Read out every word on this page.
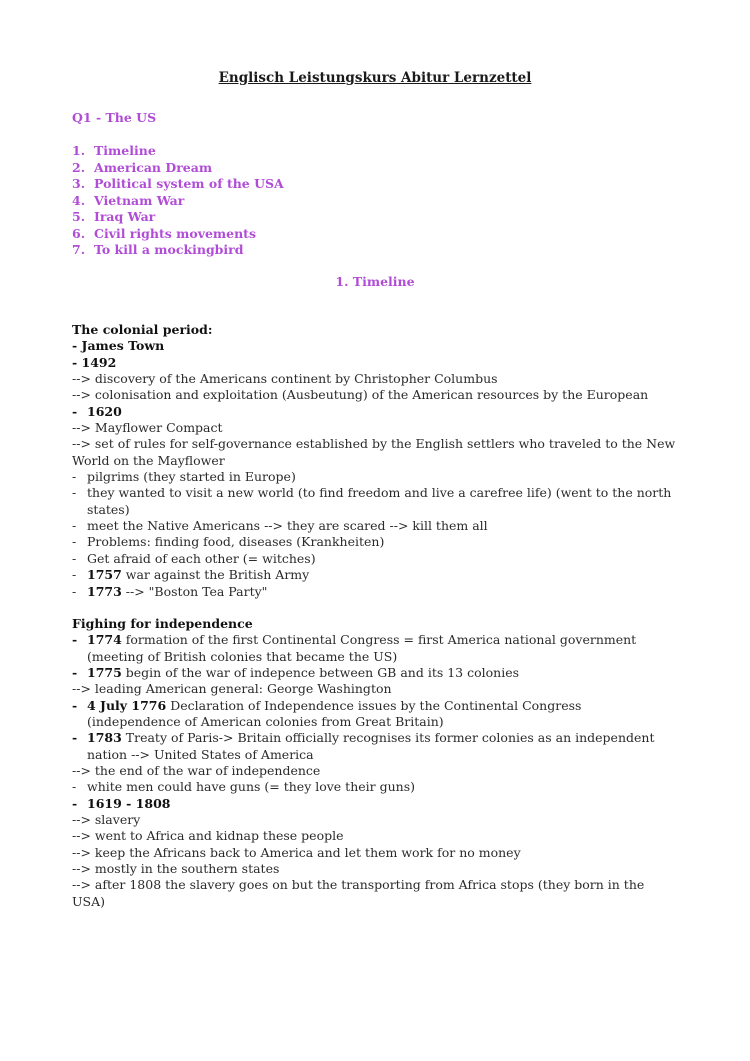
Englisch Leistungskurs Abitur Lernzettel
Q1 - The US
1. Timeline
2. American Dream
3. Political system of the USA
4. Vietnam War
5. Iraq War
6. Civil rights movements
7. To kill a mockingbird
1. Timeline
The colonial period:
- James Town
- 1492
--> discovery of the Americans continent by Christopher Columbus
--> colonisation and exploitation (Ausbeutung) of the American resources by the European
- 1620
--> Mayflower Compact
--> set of rules for self-governance established by the English settlers who traveled to the New World on the Mayflower
- pilgrims (they started in Europe)
- they wanted to visit a new world (to find freedom and live a carefree life) (went to the north states)
- meet the Native Americans --> they are scared --> kill them all
- Problems: finding food, diseases (Krankheiten)
- Get afraid of each other (= witches)
- 1757 war against the British Army
- 1773 --> "Boston Tea Party"
Fighing for independence
- 1774 formation of the first Continental Congress = first America national government (meeting of British colonies that became the US)
- 1775 begin of the war of indepence between GB and its 13 colonies
--> leading American general: George Washington
- 4 July 1776 Declaration of Independence issues by the Continental Congress (independence of American colonies from Great Britain)
- 1783 Treaty of Paris-> Britain officially recognises its former colonies as an independent nation --> United States of America
--> the end of the war of independence
- white men could have guns (= they love their guns)
- 1619 - 1808
--> slavery
--> went to Africa and kidnap these people
--> keep the Africans back to America and let them work for no money
--> mostly in the southern states
--> after 1808 the slavery goes on but the transporting from Africa stops (they born in the USA)
